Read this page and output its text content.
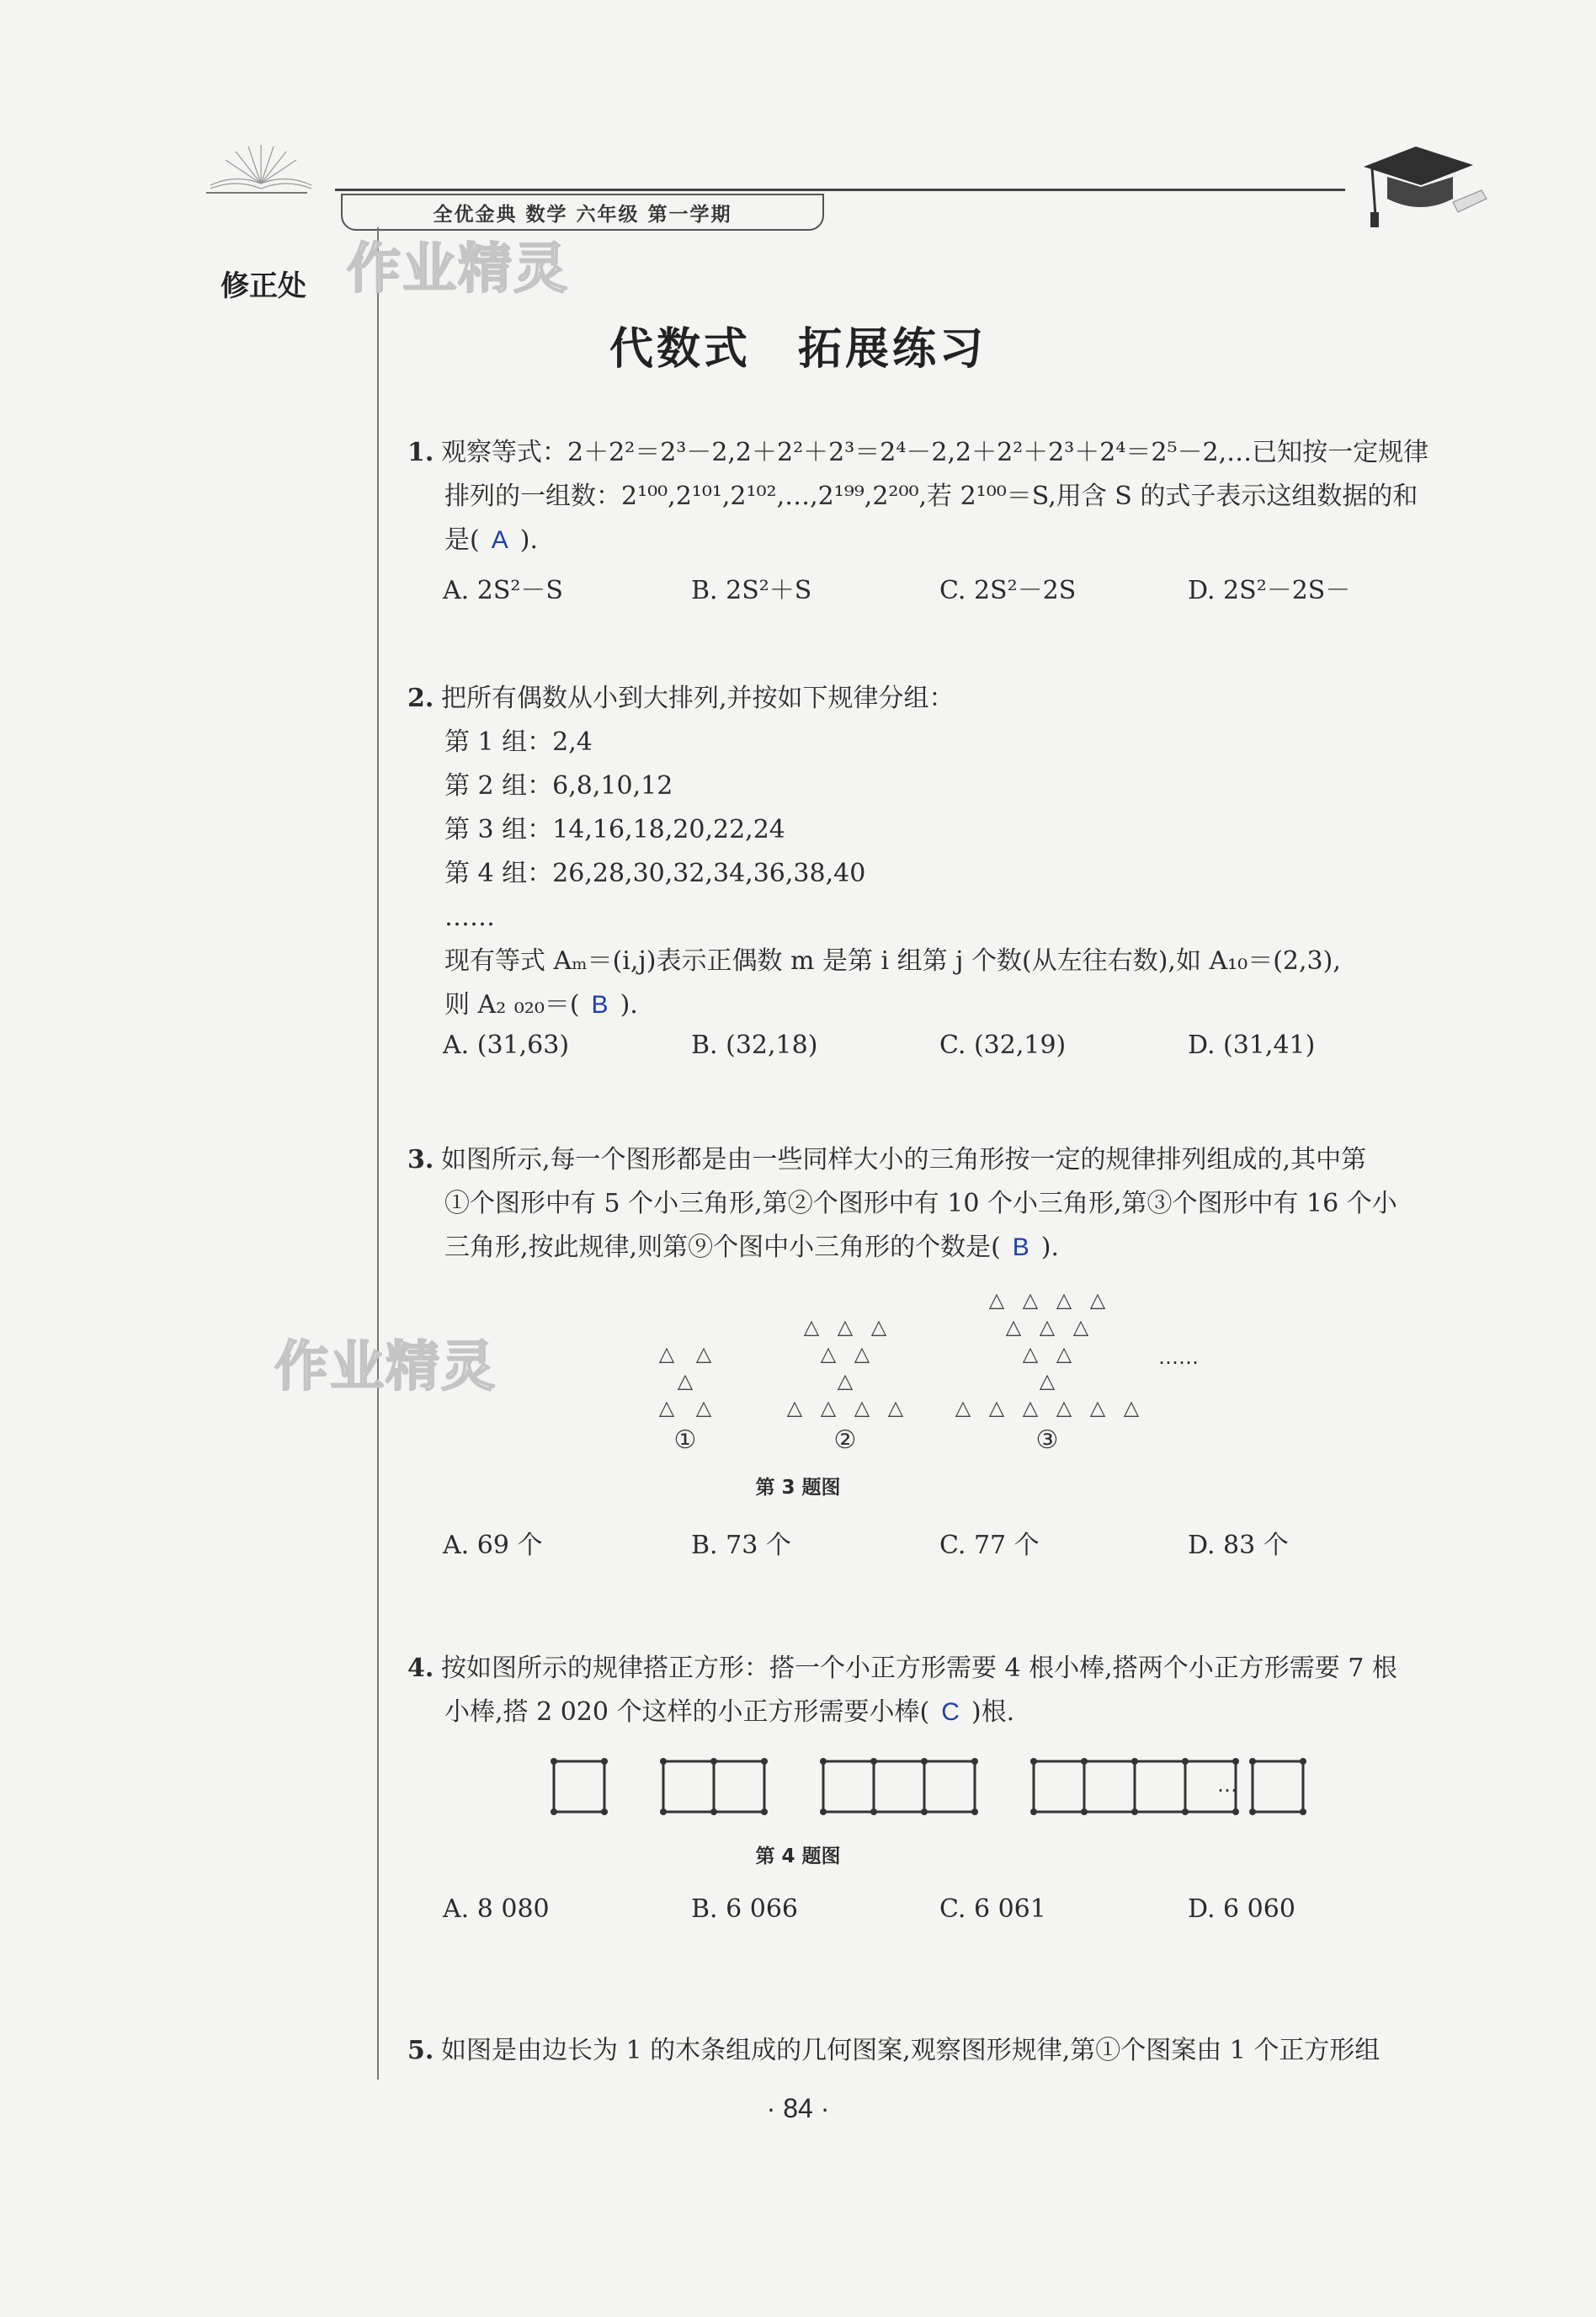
全优金典 数学 六年级 第一学期
修正处 作业精灵
作业精灵
代数式　拓展练习
1. 观察等式：2＋2²＝2³－2,2＋2²＋2³＝2⁴－2,2＋2²＋2³＋2⁴＝2⁵－2,…已知按一定规律
排列的一组数：2¹⁰⁰,2¹⁰¹,2¹⁰²,…,2¹⁹⁹,2²⁰⁰,若 2¹⁰⁰＝S,用含 S 的式子表示这组数据的和
是( A ).
A. 2S²－S	B. 2S²＋S	C. 2S²－2S	D. 2S²－2S－
2. 把所有偶数从小到大排列,并按如下规律分组：
第 1 组：2,4
第 2 组：6,8,10,12
第 3 组：14,16,18,20,22,24
第 4 组：26,28,30,32,34,36,38,40
……
现有等式 Aₘ＝(i,j)表示正偶数 m 是第 i 组第 j 个数(从左往右数),如 A₁₀＝(2,3),
则 A₂ ₀₂₀＝( B ).
A. (31,63)	B. (32,18)	C. (32,19)	D. (31,41)
3. 如图所示,每一个图形都是由一些同样大小的三角形按一定的规律排列组成的,其中第
①个图形中有 5 个小三角形,第②个图形中有 10 个小三角形,第③个图形中有 16 个小
三角形,按此规律,则第⑨个图中小三角形的个数是( B ).
△ △
△
△ △
△ △ △
△ △
△
△ △ △ △
△ △ △ △
△ △ △
△ △
△
△ △ △ △ △ △
①	②	③
……
第 3 题图
A. 69 个	B. 73 个	C. 77 个	D. 83 个
4. 按如图所示的规律搭正方形：搭一个小正方形需要 4 根小棒,搭两个小正方形需要 7 根
小棒,搭 2 020 个这样的小正方形需要小棒( C )根.
…
第 4 题图
A. 8 080	B. 6 066	C. 6 061	D. 6 060
5. 如图是由边长为 1 的木条组成的几何图案,观察图形规律,第①个图案由 1 个正方形组
· 84 ·
